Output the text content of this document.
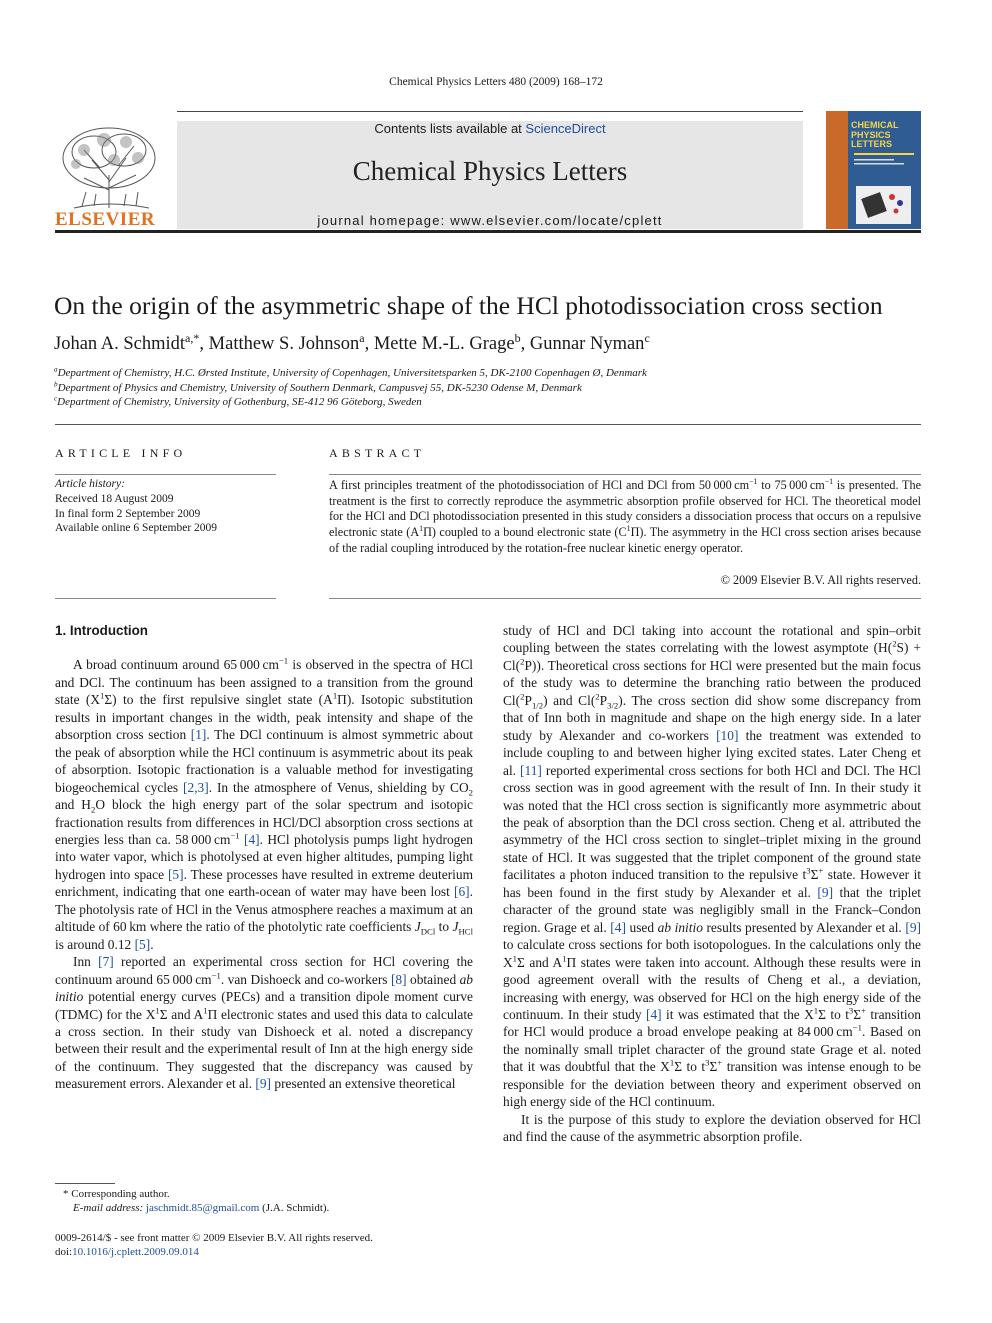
Chemical Physics Letters 480 (2009) 168–172
ELSEVIER
Contents lists available at ScienceDirect
Chemical Physics Letters
journal homepage: www.elsevier.com/locate/cplett
CHEMICAL
PHYSICS
LETTERS
On the origin of the asymmetric shape of the HCl photodissociation cross section
Johan A. Schmidt$^{a,*}$, Matthew S. Johnson$^a$, Mette M.-L. Grage$^b$, Gunnar Nyman$^c$
$^a$Department of Chemistry, H.C. Ørsted Institute, University of Copenhagen, Universitetsparken 5, DK-2100 Copenhagen Ø, Denmark
$^b$Department of Physics and Chemistry, University of Southern Denmark, Campusvej 55, DK-5230 Odense M, Denmark
$^c$Department of Chemistry, University of Gothenburg, SE-412 96 Göteborg, Sweden
ARTICLE INFO	ABSTRACT
Article history:
Received 18 August 2009
In final form 2 September 2009
Available online 6 September 2009
A first principles treatment of the photodissociation of HCl and DCl from 50 000 $cm^{-1}$ to 75 000 $cm^{-1}$ is presented. The treatment is the first to correctly reproduce the asymmetric absorption profile observed for HCl. The theoretical model for the HCl and DCl photodissociation presented in this study considers a dissociation process that occurs on a repulsive electronic state $(A^1\Pi)$ coupled to a bound electronic state $(C^1\Pi)$. The asymmetry in the HCl cross section arises because of the radial coupling introduced by the rotation-free nuclear kinetic energy operator.
© 2009 Elsevier B.V. All rights reserved.
1. Introduction

A broad continuum around 65 000 $cm^{-1}$ is observed in the spectra of HCl and DCl. The continuum has been assigned to a transition from the ground state $(X^1\Sigma)$ to the first repulsive singlet state $(A^1\Pi)$. Isotopic substitution results in important changes in the width, peak intensity and shape of the absorption cross section [1]. The DCl continuum is almost symmetric about the peak of absorption while the HCl continuum is asymmetric about its peak of absorption. Isotopic fractionation is a valuable method for investigating biogeochemical cycles [2,3]. In the atmosphere of Venus, shielding by $CO_2$ and $H_2O$ block the high energy part of the solar spectrum and isotopic fractionation results from differences in HCl/DCl absorption cross sections at energies less than ca. 58 000 $cm^{-1}$ [4]. HCl photolysis pumps light hydrogen into water vapor, which is photolysed at even higher altitudes, pumping light hydrogen into space [5]. These processes have resulted in extreme deuterium enrichment, indicating that one earth-ocean of water may have been lost [6]. The photolysis rate of HCl in the Venus atmosphere reaches a maximum at an altitude of 60 km where the ratio of the photolytic rate coefficients $J_{DCl}$ to $J_{HCl}$ is around 0.12 [5].

Inn [7] reported an experimental cross section for HCl covering the continuum around 65 000 $cm^{-1}$. van Dishoeck and co-workers [8] obtained ab initio potential energy curves (PECs) and a transition dipole moment curve (TDMC) for the $X^1\Sigma$ and $A^1\Pi$ electronic states and used this data to calculate a cross section. In their study van Dishoeck et al. noted a discrepancy between their result and the experimental result of Inn at the high energy side of the continuum. They suggested that the discrepancy was caused by measurement errors. Alexander et al. [9] presented an extensive theoretical

study of HCl and DCl taking into account the rotational and spin–orbit coupling between the states correlating with the lowest asymptote (H($^2$S) + Cl($^2$P)). Theoretical cross sections for HCl were presented but the main focus of the study was to determine the branching ratio between the produced $Cl(^2P_{1/2})$ and $Cl(^2P_{3/2})$. The cross section did show some discrepancy from that of Inn both in magnitude and shape on the high energy side. In a later study by Alexander and co-workers [10] the treatment was extended to include coupling to and between higher lying excited states. Later Cheng et al. [11] reported experimental cross sections for both HCl and DCl. The HCl cross section was in good agreement with the result of Inn. In their study it was noted that the HCl cross section is significantly more asymmetric about the peak of absorption than the DCl cross section. Cheng et al. attributed the asymmetry of the HCl cross section to singlet–triplet mixing in the ground state of HCl. It was suggested that the triplet component of the ground state facilitates a photon induced transition to the repulsive $t^3\Sigma^+$ state. However it has been found in the first study by Alexander et al. [9] that the triplet character of the ground state was negligibly small in the Franck–Condon region. Grage et al. [4] used ab initio results presented by Alexander et al. [9] to calculate cross sections for both isotopologues. In the calculations only the $X^1\Sigma$ and $A^1\Pi$ states were taken into account. Although these results were in good agreement overall with the results of Cheng et al., a deviation, increasing with energy, was observed for HCl on the high energy side of the continuum. In their study [4] it was estimated that the $X^1\Sigma$ to $t^3\Sigma^+$ transition for HCl would produce a broad envelope peaking at 84 000 $cm^{-1}$. Based on the nominally small triplet character of the ground state Grage et al. noted that it was doubtful that the $X^1\Sigma$ to $t^3\Sigma^+$ transition was intense enough to be responsible for the deviation between theory and experiment observed on high energy side of the HCl continuum.

It is the purpose of this study to explore the deviation observed for HCl and find the cause of the asymmetric absorption profile.

* Corresponding author.
E-mail address: jaschmidt.85@gmail.com (J.A. Schmidt).
0009-2614/$ - see front matter © 2009 Elsevier B.V. All rights reserved.
doi:10.1016/j.cplett.2009.09.014
